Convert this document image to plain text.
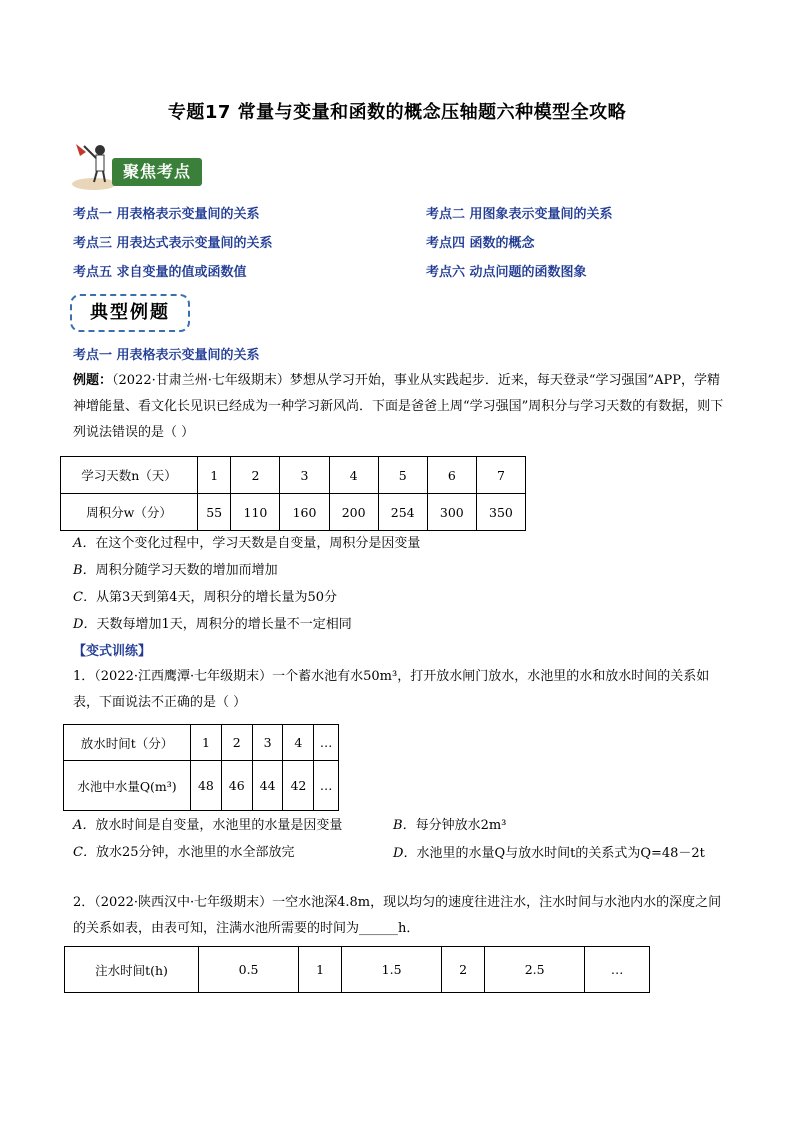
专题17 常量与变量和函数的概念压轴题六种模型全攻略
聚焦考点
考点一 用表格表示变量间的关系	考点二 用图象表示变量间的关系
考点三 用表达式表示变量间的关系	考点四 函数的概念
考点五 求自变量的值或函数值	考点六 动点问题的函数图象
典型例题
考点一 用表格表示变量间的关系
例题：（2022·甘肃兰州·七年级期末）梦想从学习开始，事业从实践起步．近来，每天登录“学习强国”APP，学精神增能量、看文化长见识已经成为一种学习新风尚．下面是爸爸上周“学习强国”周积分与学习天数的有数据，则下列说法错误的是（ ）
学习天数n（天）	1	2	3	4	5	6	7
周积分w（分）	55	110	160	200	254	300	350
A．在这个变化过程中，学习天数是自变量，周积分是因变量
B．周积分随学习天数的增加而增加
C．从第3天到第4天，周积分的增长量为50分
D．天数每增加1天，周积分的增长量不一定相同
【变式训练】
1．（2022·江西鹰潭·七年级期末）一个蓄水池有水50m³，打开放水闸门放水，水池里的水和放水时间的关系如表，下面说法不正确的是（ ）
放水时间t（分）	1	2	3	4	…
水池中水量Q(m³)	48	46	44	42	…
A．放水时间是自变量，水池里的水量是因变量	B．每分钟放水2m³
C．放水25分钟，水池里的水全部放完	D．水池里的水量Q与放水时间t的关系式为Q=48－2t
2．（2022·陕西汉中·七年级期末）一空水池深4.8m，现以均匀的速度往进注水，注水时间与水池内水的深度之间的关系如表，由表可知，注满水池所需要的时间为______h．
注水时间t(h)	0.5	1	1.5	2	2.5	…
